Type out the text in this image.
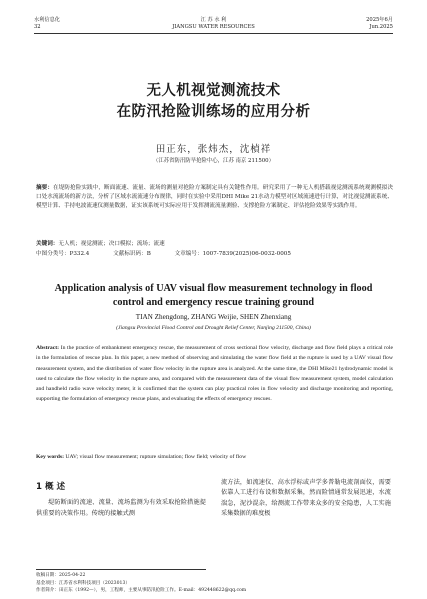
水利信息化
32
江 苏 水 利
JIANGSU WATER RESOURCES
2025年6月
Jun.2025
无人机视觉测流技术
在防汛抢险训练场的应用分析
田正东，张炜杰，沈楨祥
（江苏省防汛防旱抢险中心，江苏 南京 211500）
摘要：在堤防抢险实践中，断面流速、流量、流场的测量对抢险方案制定具有关键性作用。研究采用了一种无人机搭载视觉测流系统观测模拟决口处水流流场的新方法，分析了区域水流流速分布规律，同时在实验中采用DHI Mike 21水动力模型对区域流速进行计算，对比视觉测流系统、模型计算、手持电波流速仪测量数据，证实该系统可实际应用于发挥测流流量测验、支撑抢险方案制定、评估抢险效果等实践作用。
关键词：无人机；视觉测流；决口模拟；流场；流速
中图分类号：P332.4	文献标识码：B	文章编号：1007-7839(2025)06-0032-0005
Application analysis of UAV visual flow measurement technology in flood control and emergency rescue training ground
TIAN Zhengdong, ZHANG Weijie, SHEN Zhenxiang
(Jiangsu Provincial Flood Control and Drought Relief Center, Nanjing 211500, China)
Abstract: In the practice of embankment emergency rescue, the measurement of cross sectional flow velocity, discharge and flow field plays a critical role in the formulation of rescue plan. In this paper, a new method of observing and simulating the water flow field at the rupture is used by a UAV visual flow measurement system, and the distribution of water flow velocity in the rupture area is analyzed. At the same time, the DHI Mike21 hydrodynamic model is used to calculate the flow velocity in the rupture area, and compared with the measurement data of the visual flow measurement system, model calculation and handheld radio wave velocity meter, it is confirmed that the system can play practical roles in flow velocity and discharge monitoring and reporting, supporting the formulation of emergency rescue plans, and evaluating the effects of emergency rescues.
Key words: UAV; visual flow measurement; rupture simulation; flow field; velocity of flow
1 概 述

堤防断面的流速、流量、流场监测为有效采取抢险措施提供重要的决策作用。传统的接触式测

流方法，如流速仪、高水浮标或声学多普勒电流剖面仪，需要依靠人工进行布设和数据采集，然而险情通常发展迅速，水流湍急，泥沙混杂，给测流工作带来众多的安全隐患，人工实施采集数据的难度极

收稿日期：2025-04-22
基金项目：江苏省水利科技项目（2023013）
作者简介：田正东（1992—），男，工程师，主要从事防汛抢险工作。E-mail：492448622@qq.com
